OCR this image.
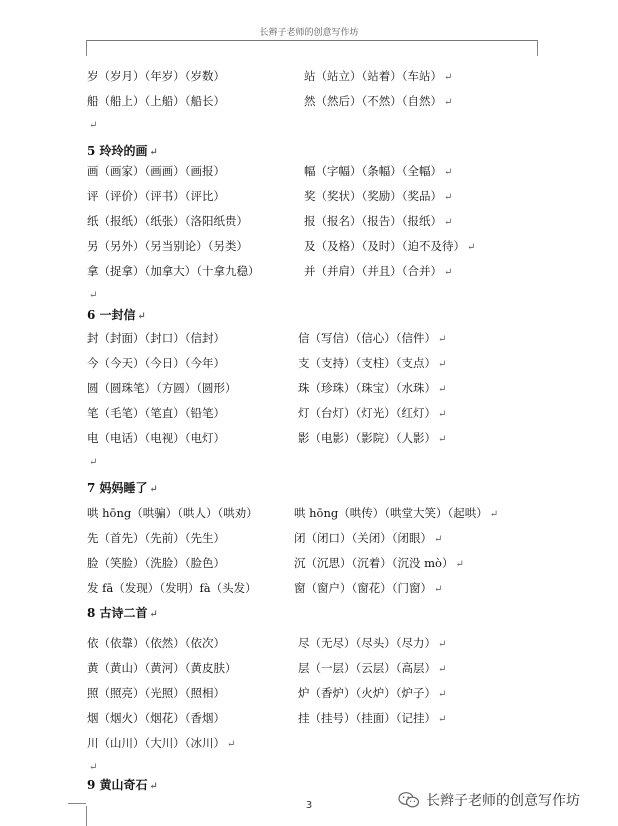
长辫子老师的创意写作坊
岁（岁月）（年岁）（岁数）	站（站立）（站着）（车站） ↵
船（船上）（上船）（船长）	然（然后）（不然）（自然） ↵
↵
5 玲玲的画 ↵
画（画家）（画画）（画报）	幅（字幅）（条幅）（全幅） ↵
评（评价）（评书）（评比）	奖（奖状）（奖励）（奖品） ↵
纸（报纸）（纸张）（洛阳纸贵）	报（报名）（报告）（报纸） ↵
另（另外）（另当别论）（另类）	及（及格）（及时）（迫不及待） ↵
拿（捉拿）（加拿大）（十拿九稳）	并（并肩）（并且）（合并） ↵
↵
6 一封信 ↵
封（封面）（封口）（信封）	信（写信）（信心）（信件） ↵
今（今天）（今日）（今年）	支（支持）（支柱）（支点） ↵
圆（圆珠笔）（方圆）（圆形）	珠（珍珠）（珠宝）（水珠） ↵
笔（毛笔）（笔直）（铅笔）	灯（台灯）（灯光）（红灯） ↵
电（电话）（电视）（电灯）	影（电影）（影院）（人影） ↵
↵
7 妈妈睡了 ↵
哄 hōng（哄骗）（哄人）（哄劝）	哄 hōng（哄传）（哄堂大笑）（起哄） ↵
先（首先）（先前）（先生）	闭（闭口）（关闭）（闭眼） ↵
脸（笑脸）（洗脸）（脸色）	沉（沉思）（沉着）（沉没 mò） ↵
发 fā（发现）（发明）fà（头发）	窗（窗户）（窗花）（门窗） ↵
8 古诗二首 ↵
依（依靠）（依然）（依次）	尽（无尽）（尽头）（尽力） ↵
黄（黄山）（黄河）（黄皮肤）	层（一层）（云层）（高层） ↵
照（照亮）（光照）（照相）	炉（香炉）（火炉）（炉子） ↵
烟（烟火）（烟花）（香烟）	挂（挂号）（挂面）（记挂） ↵
川（山川）（大川）（冰川） ↵
↵
9 黄山奇石 ↵
3	长辫子老师的创意写作坊
